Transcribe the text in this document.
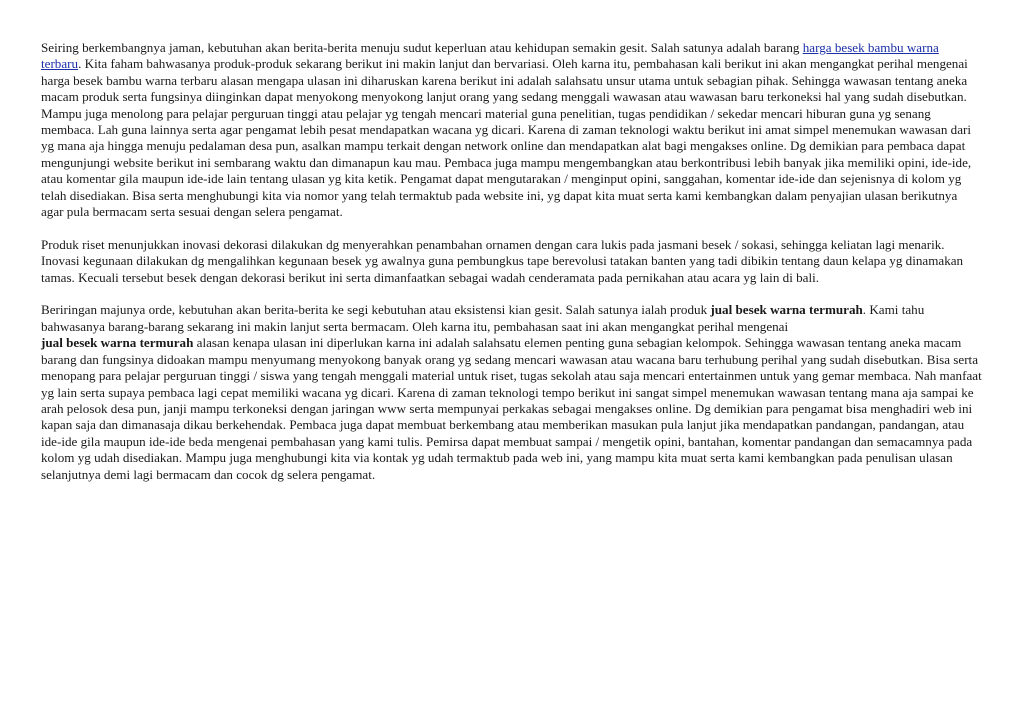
Seiring berkembangnya jaman, kebutuhan akan berita-berita menuju sudut keperluan atau kehidupan semakin gesit. Salah satunya adalah barang harga besek bambu warna terbaru. Kita faham bahwasanya produk-produk sekarang berikut ini makin lanjut dan bervariasi. Oleh karna itu, pembahasan kali berikut ini akan mengangkat perihal mengenai harga besek bambu warna terbaru alasan mengapa ulasan ini diharuskan karena berikut ini adalah salahsatu unsur utama untuk sebagian pihak. Sehingga wawasan tentang aneka macam produk serta fungsinya diinginkan dapat menyokong menyokong lanjut orang yang sedang menggali wawasan atau wawasan baru terkoneksi hal yang sudah disebutkan. Mampu juga menolong para pelajar perguruan tinggi atau pelajar yg tengah mencari material guna penelitian, tugas pendidikan / sekedar mencari hiburan guna yg senang membaca. Lah guna lainnya serta agar pengamat lebih pesat mendapatkan wacana yg dicari. Karena di zaman teknologi waktu berikut ini amat simpel menemukan wawasan dari yg mana aja hingga menuju pedalaman desa pun, asalkan mampu terkait dengan network online dan mendapatkan alat bagi mengakses online. Dg demikian para pembaca dapat mengunjungi website berikut ini sembarang waktu dan dimanapun kau mau. Pembaca juga mampu mengembangkan atau berkontribusi lebih banyak jika memiliki opini, ide-ide, atau komentar gila maupun ide-ide lain tentang ulasan yg kita ketik. Pengamat dapat mengutarakan / menginput opini, sanggahan, komentar ide-ide dan sejenisnya di kolom yg telah disediakan. Bisa serta menghubungi kita via nomor yang telah termaktub pada website ini, yg dapat kita muat serta kami kembangkan dalam penyajian ulasan berikutnya agar pula bermacam serta sesuai dengan selera pengamat.

Produk riset menunjukkan inovasi dekorasi dilakukan dg menyerahkan penambahan ornamen dengan cara lukis pada jasmani besek / sokasi, sehingga keliatan lagi menarik. Inovasi kegunaan dilakukan dg mengalihkan kegunaan besek yg awalnya guna pembungkus tape berevolusi tatakan banten yang tadi dibikin tentang daun kelapa yg dinamakan tamas. Kecuali tersebut besek dengan dekorasi berikut ini serta dimanfaatkan sebagai wadah cenderamata pada pernikahan atau acara yg lain di bali.

Beriringan majunya orde, kebutuhan akan berita-berita ke segi kebutuhan atau eksistensi kian gesit. Salah satunya ialah produk jual besek warna termurah. Kami tahu bahwasanya barang-barang sekarang ini makin lanjut serta bermacam. Oleh karna itu, pembahasan saat ini akan mengangkat perihal mengenai
jual besek warna termurah alasan kenapa ulasan ini diperlukan karna ini adalah salahsatu elemen penting guna sebagian kelompok. Sehingga wawasan tentang aneka macam barang dan fungsinya didoakan mampu menyumang menyokong banyak orang yg sedang mencari wawasan atau wacana baru terhubung perihal yang sudah disebutkan. Bisa serta menopang para pelajar perguruan tinggi / siswa yang tengah menggali material untuk riset, tugas sekolah atau saja mencari entertainmen untuk yang gemar membaca. Nah manfaat yg lain serta supaya pembaca lagi cepat memiliki wacana yg dicari. Karena di zaman teknologi tempo berikut ini sangat simpel menemukan wawasan tentang mana aja sampai ke arah pelosok desa pun, janji mampu terkoneksi dengan jaringan www serta mempunyai perkakas sebagai mengakses online. Dg demikian para pengamat bisa menghadiri web ini kapan saja dan dimanasaja dikau berkehendak. Pembaca juga dapat membuat berkembang atau memberikan masukan pula lanjut jika mendapatkan pandangan, pandangan, atau ide-ide gila maupun ide-ide beda mengenai pembahasan yang kami tulis. Pemirsa dapat membuat sampai / mengetik opini, bantahan, komentar pandangan dan semacamnya pada kolom yg udah disediakan. Mampu juga menghubungi kita via kontak yg udah termaktub pada web ini, yang mampu kita muat serta kami kembangkan pada penulisan ulasan selanjutnya demi lagi bermacam dan cocok dg selera pengamat.
